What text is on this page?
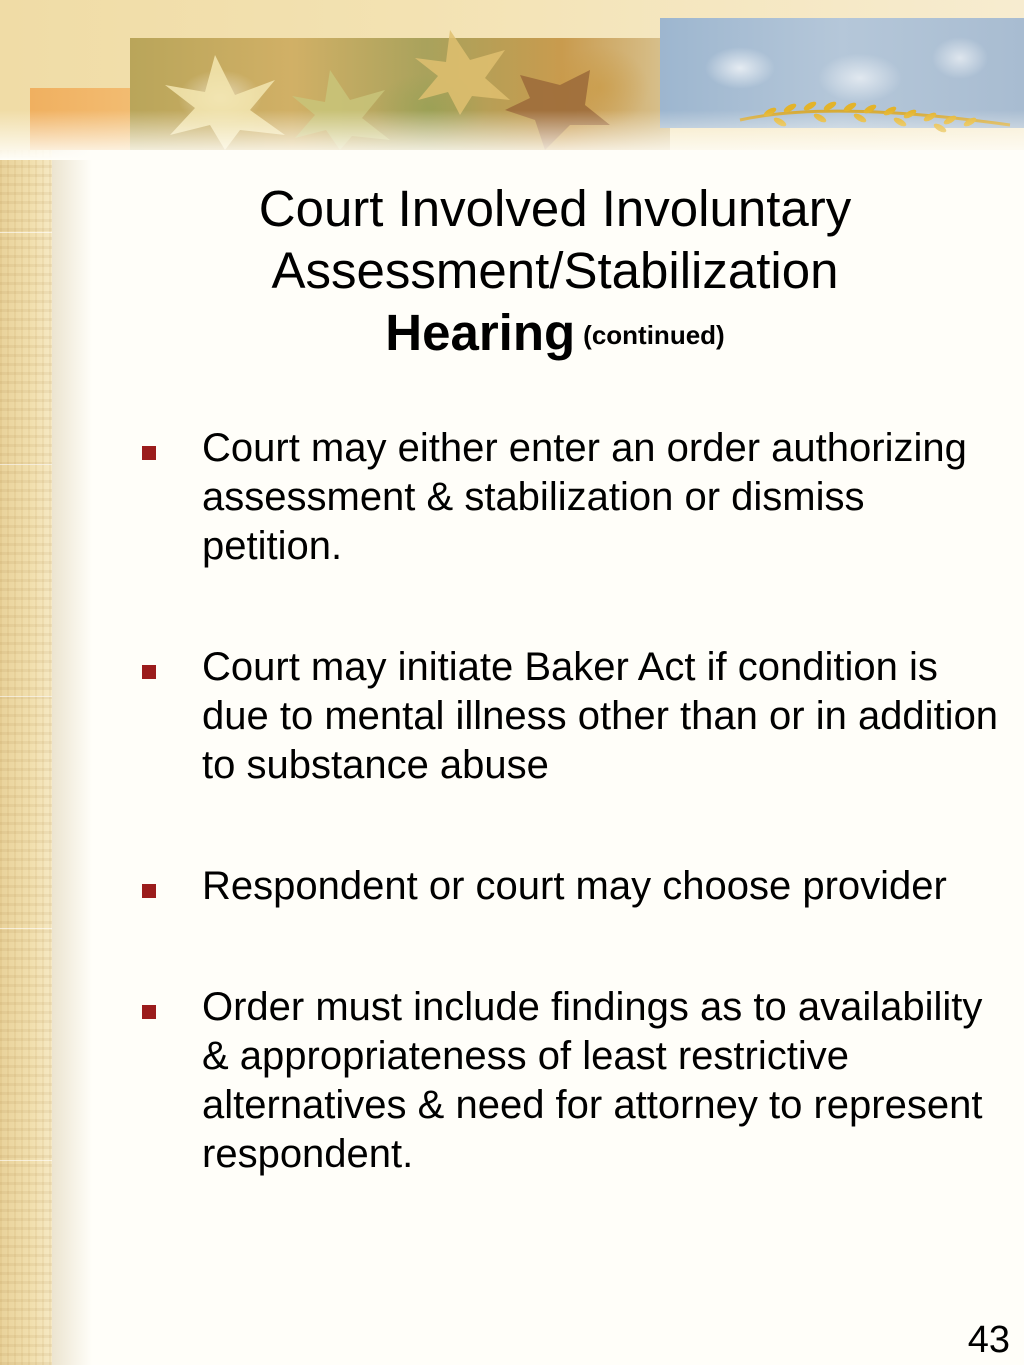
Court Involved Involuntary
Assessment/Stabilization
Hearing (continued)
Court may either enter an order authorizing assessment & stabilization or dismiss petition.
Court may initiate Baker Act if condition is due to mental illness other than or in addition to substance abuse
Respondent or court may choose provider
Order must include findings as to availability & appropriateness of least restrictive alternatives & need for attorney to represent respondent.
43
